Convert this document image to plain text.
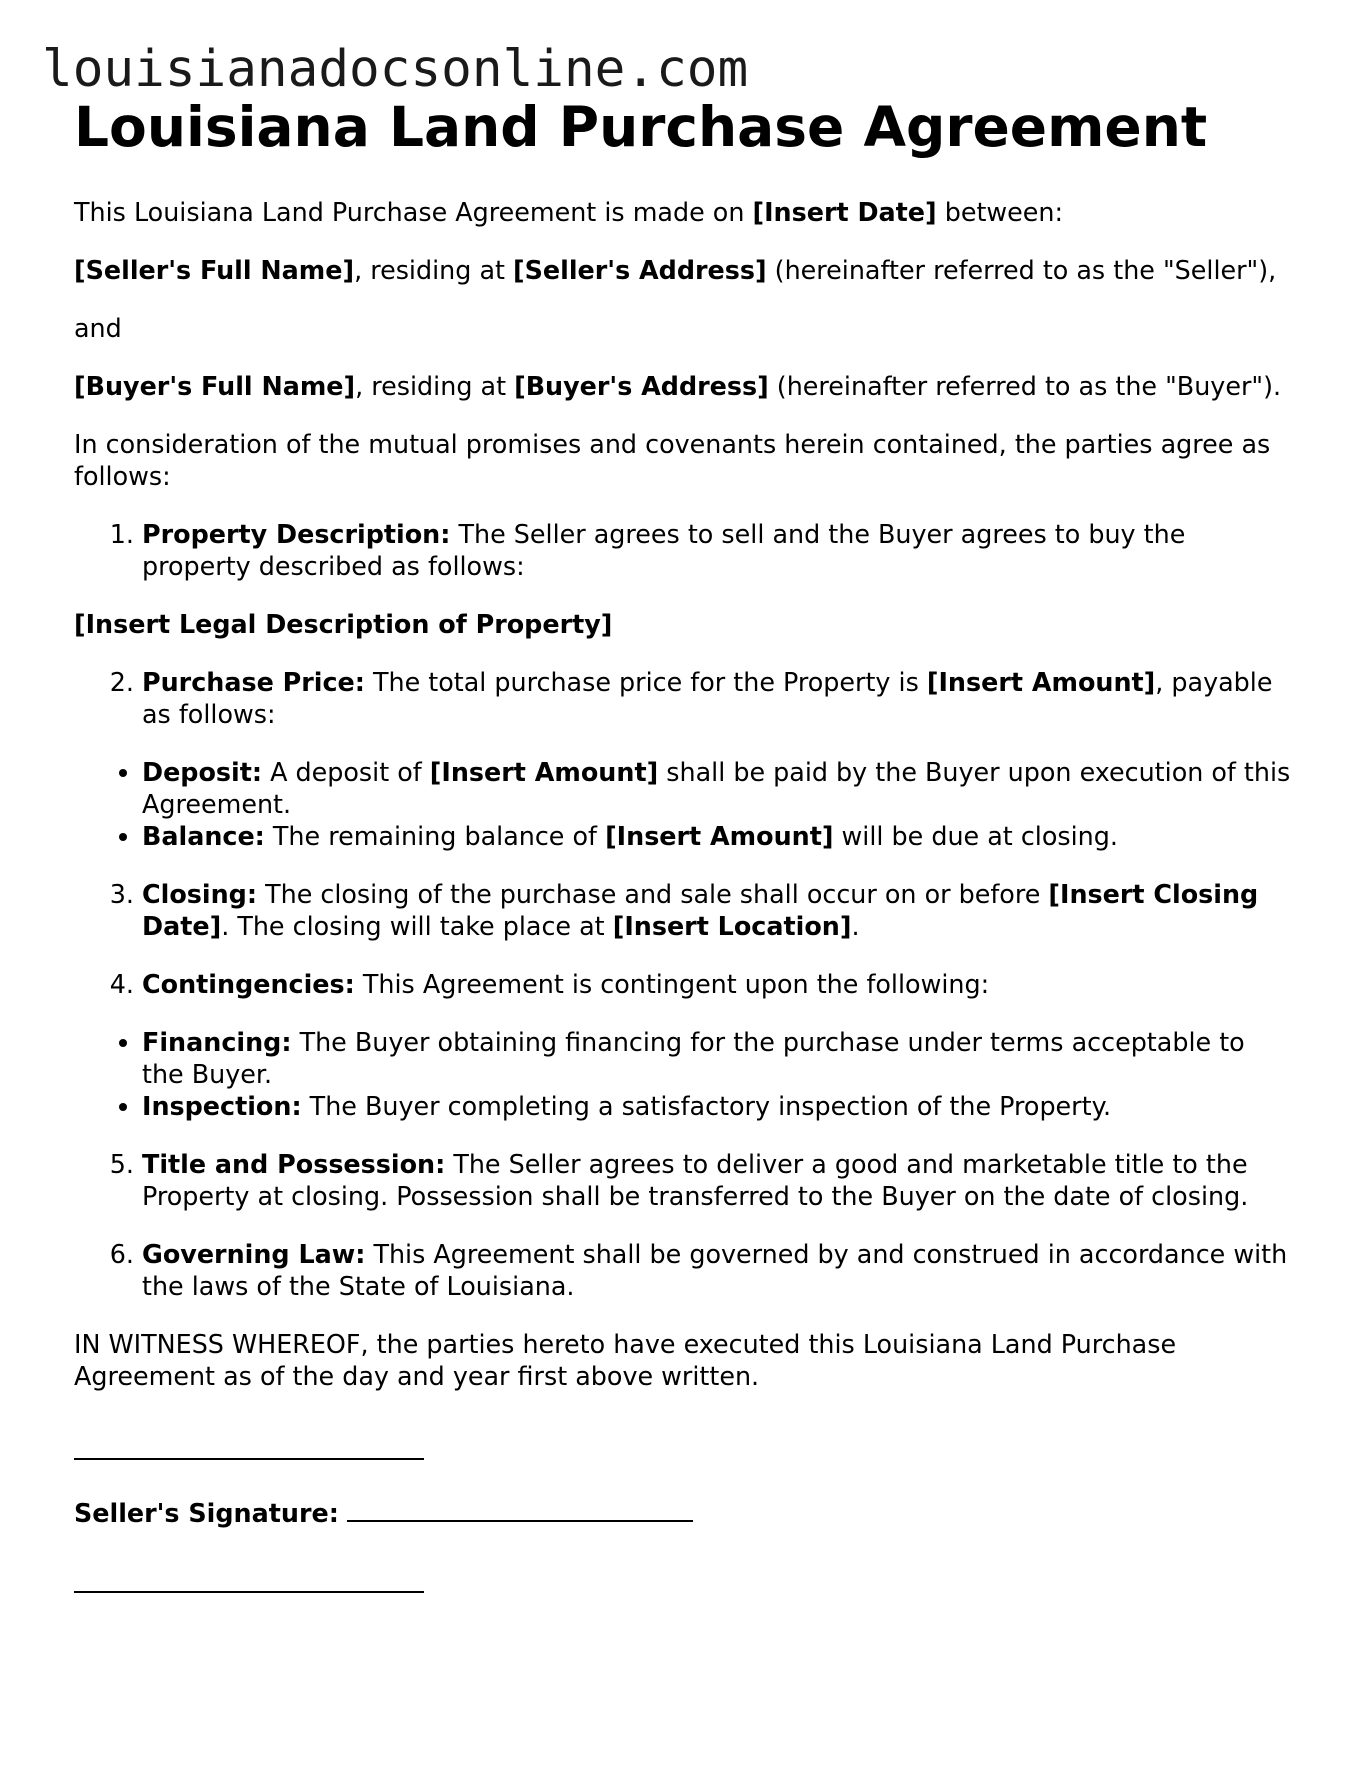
louisianadocsonline.com
Louisiana Land Purchase Agreement

This Louisiana Land Purchase Agreement is made on [Insert Date] between:

[Seller's Full Name], residing at [Seller's Address] (hereinafter referred to as the "Seller"),

and

[Buyer's Full Name], residing at [Buyer's Address] (hereinafter referred to as the "Buyer").

In consideration of the mutual promises and covenants herein contained, the parties agree as follows:

1. Property Description: The Seller agrees to sell and the Buyer agrees to buy the property described as follows:

[Insert Legal Description of Property]

2. Purchase Price: The total purchase price for the Property is [Insert Amount], payable as follows:
• Deposit: A deposit of [Insert Amount] shall be paid by the Buyer upon execution of this Agreement.
• Balance: The remaining balance of [Insert Amount] will be due at closing.
3. Closing: The closing of the purchase and sale shall occur on or before [Insert Closing Date]. The closing will take place at [Insert Location].
4. Contingencies: This Agreement is contingent upon the following:
• Financing: The Buyer obtaining financing for the purchase under terms acceptable to the Buyer.
• Inspection: The Buyer completing a satisfactory inspection of the Property.
5. Title and Possession: The Seller agrees to deliver a good and marketable title to the Property at closing. Possession shall be transferred to the Buyer on the date of closing.
6. Governing Law: This Agreement shall be governed by and construed in accordance with the laws of the State of Louisiana.

IN WITNESS WHEREOF, the parties hereto have executed this Louisiana Land Purchase Agreement as of the day and year first above written.

Seller's Signature:
